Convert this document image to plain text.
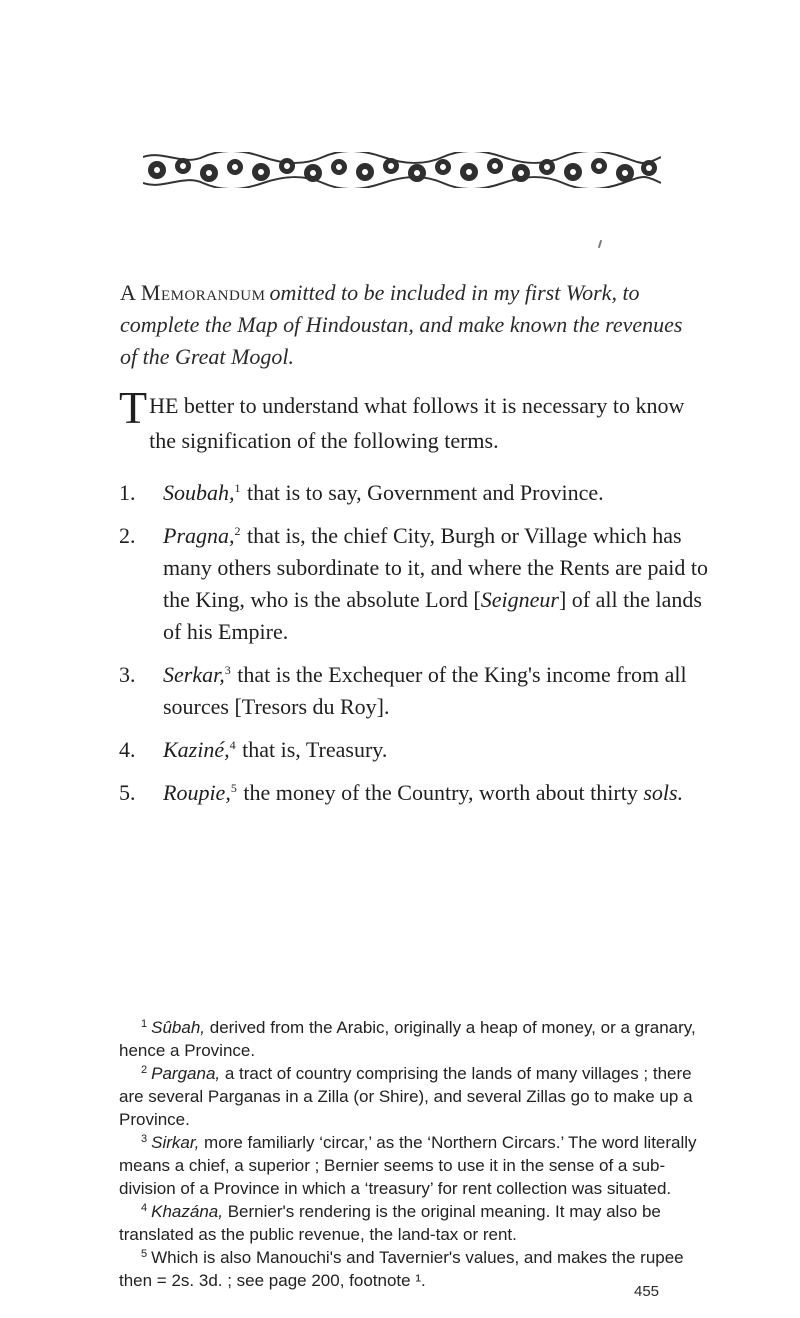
A Memorandum omitted to be included in my first Work, to complete the Map of Hindoustan, and make known the revenues of the Great Mogol.

THE better to understand what follows it is necessary to know the signification of the following terms.

1.	Soubah,$^1$ that is to say, Government and Province.
2.	Pragna,$^2$ that is, the chief City, Burgh or Village which has many others subordinate to it, and where the Rents are paid to the King, who is the absolute Lord [Seigneur] of all the lands of his Empire.
3.	Serkar,$^3$ that is the Exchequer of the King's income from all sources [Tresors du Roy].
4.	Kaziné,$^4$ that is, Treasury.
5.	Roupie,$^5$ the money of the Country, worth about thirty sols.
$^1$ Sûbah, derived from the Arabic, originally a heap of money, or a granary, hence a Province.
$^2$ Pargana, a tract of country comprising the lands of many villages ; there are several Parganas in a Zilla (or Shire), and several Zillas go to make up a Province.
$^3$ Sirkar, more familiarly ‘circar,’ as the ‘Northern Circars.’ The word literally means a chief, a superior ; Bernier seems to use it in the sense of a sub-division of a Province in which a ‘treasury’ for rent collection was situated.
$^4$ Khazána, Bernier's rendering is the original meaning. It may also be translated as the public revenue, the land-tax or rent.
$^5$ Which is also Manouchi's and Tavernier's values, and makes the rupee then = 2s. 3d. ; see page 200, footnote ¹.
455
